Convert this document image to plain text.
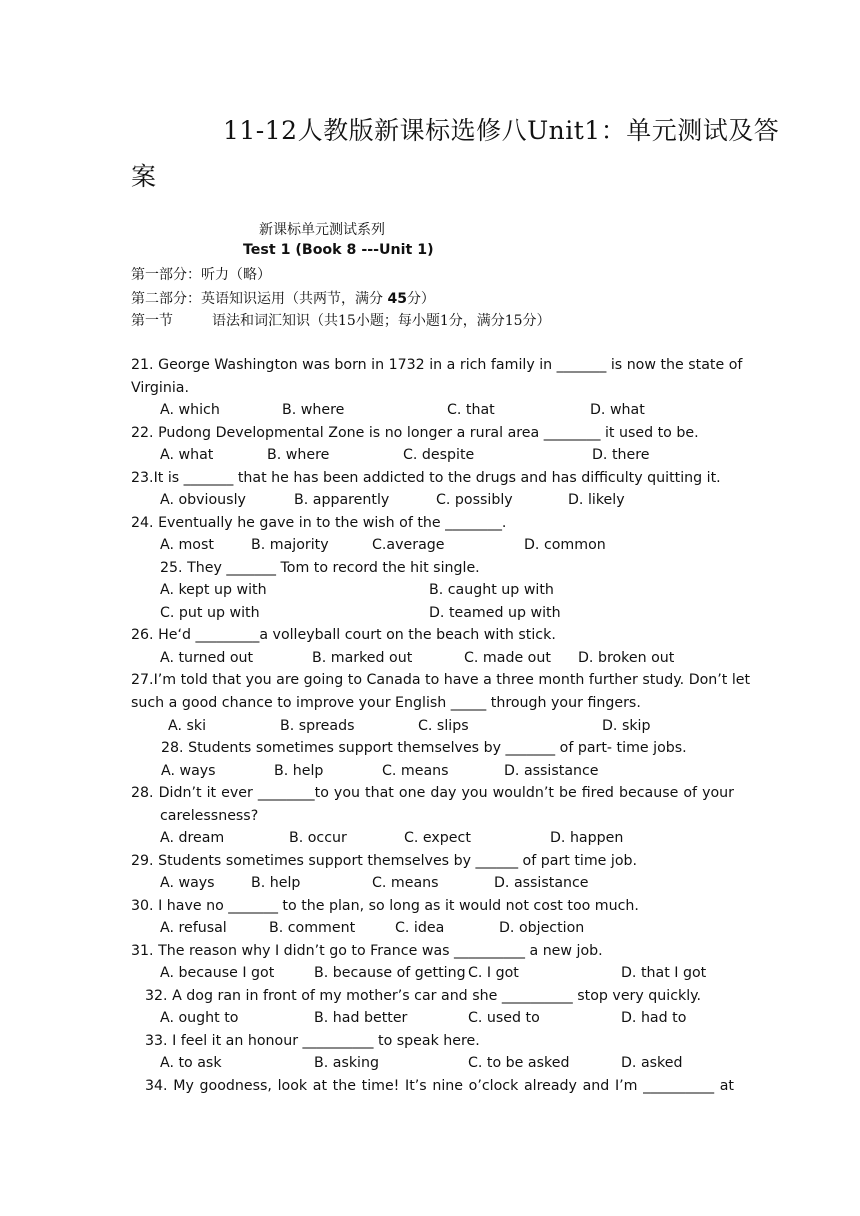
11-12人教版新课标选修八Unit1：单元测试及答
案
新课标单元测试系列
Test 1 (Book 8 ---Unit 1)
第一部分：听力（略）
第二部分：英语知识运用（共两节，满分 45分）
第一节	语法和词汇知识（共15小题；每小题1分，满分15分）
21. George Washington was born in 1732 in a rich family in _______ is now the state of
Virginia.
A. which	B. where	C. that	D. what
22. Pudong Developmental Zone is no longer a rural area ________ it used to be.
A. what	B. where	C. despite	D. there
23.It is _______ that he has been addicted to the drugs and has difficulty quitting it.
A. obviously	B. apparently	C. possibly	D. likely
24. Eventually he gave in to the wish of the ________.
A. most	B. majority	C.average	D. common
25. They _______ Tom to record the hit single.
A. kept up with	B. caught up with
C. put up with	D. teamed up with
26. He‘d _________a volleyball court on the beach with stick.
A. turned out	B. marked out	C. made out D. broken out
27.I’m told that you are going to Canada to have a three month further study. Don’t let
such a good chance to improve your English _____ through your fingers.
A. ski	B. spreads	C. slips	D. skip
28. Students sometimes support themselves by _______ of part- time jobs.
A. ways	B. help	C. means	D. assistance
28. Didn’t it ever ________to you that one day you wouldn’t be fired because of your
carelessness?
A. dream	B. occur	C. expect	D. happen
29. Students sometimes support themselves by ______ of part time job.
A. ways	B. help	C. means	D. assistance
30. I have no _______ to the plan, so long as it would not cost too much.
A. refusal	B. comment	C. idea	D. objection
31. The reason why I didn’t go to France was __________ a new job.
A. because I got	B. because of getting C. I got	D. that I got
32. A dog ran in front of my mother’s car and she __________ stop very quickly.
A. ought to	B. had better	C. used to	D. had to
33. I feel it an honour __________ to speak here.
A. to ask	B. asking	C. to be asked	D. asked
34. My goodness, look at the time! It’s nine o’clock already and I’m __________ at
